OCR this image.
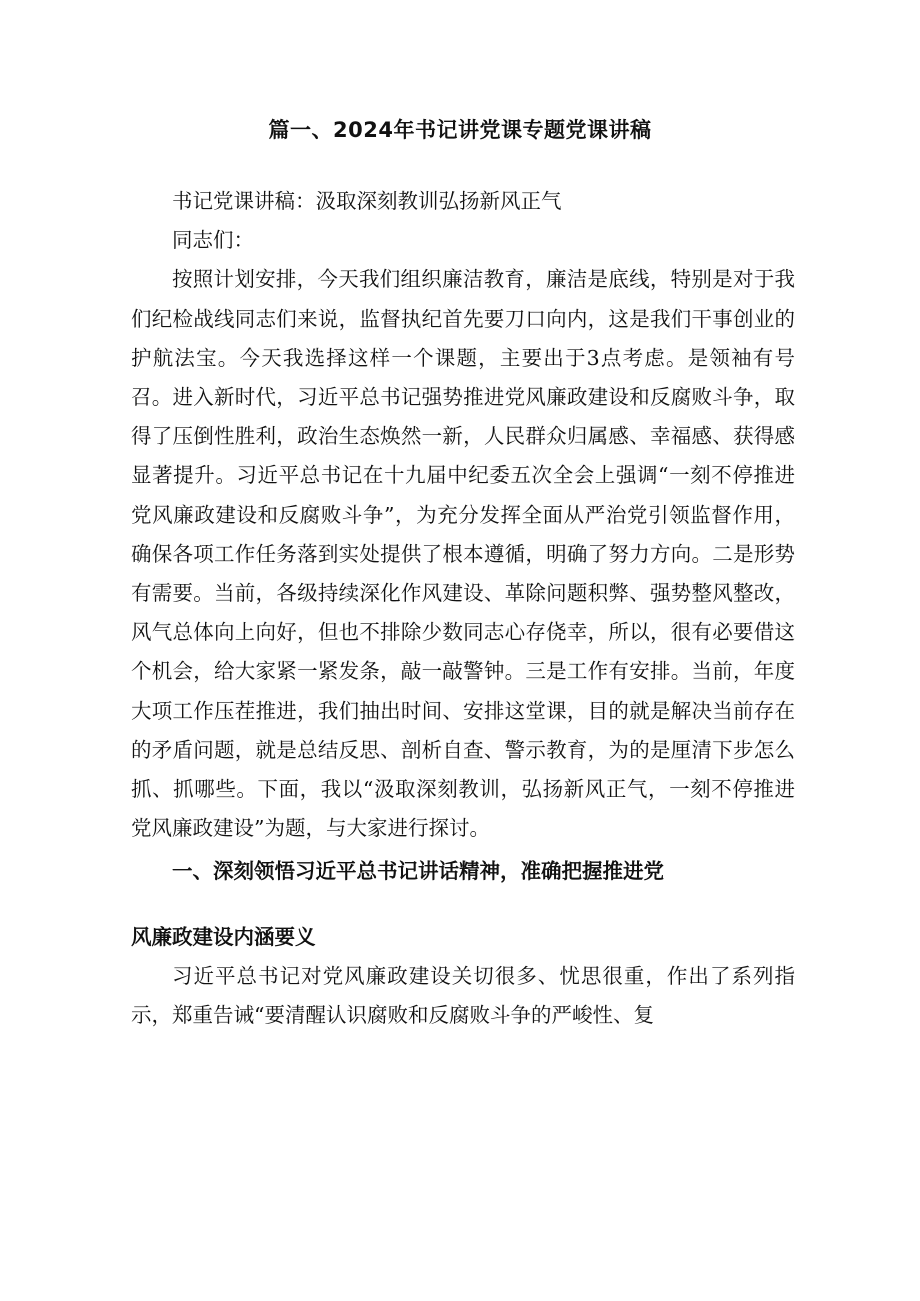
篇一、2024年书记讲党课专题党课讲稿

书记党课讲稿：汲取深刻教训弘扬新风正气

同志们：

按照计划安排，今天我们组织廉洁教育，廉洁是底线，特别是对于我们纪检战线同志们来说，监督执纪首先要刀口向内，这是我们干事创业的护航法宝。今天我选择这样一个课题，主要出于3点考虑。是领袖有号召。进入新时代，习近平总书记强势推进党风廉政建设和反腐败斗争，取得了压倒性胜利，政治生态焕然一新，人民群众归属感、幸福感、获得感显著提升。习近平总书记在十九届中纪委五次全会上强调“一刻不停推进党风廉政建设和反腐败斗争”，为充分发挥全面从严治党引领监督作用，确保各项工作任务落到实处提供了根本遵循，明确了努力方向。二是形势有需要。当前，各级持续深化作风建设、革除问题积弊、强势整风整改，风气总体向上向好，但也不排除少数同志心存侥幸，所以，很有必要借这个机会，给大家紧一紧发条，敲一敲警钟。三是工作有安排。当前，年度大项工作压茬推进，我们抽出时间、安排这堂课，目的就是解决当前存在的矛盾问题，就是总结反思、剖析自查、警示教育，为的是厘清下步怎么抓、抓哪些。下面，我以“汲取深刻教训，弘扬新风正气，一刻不停推进党风廉政建设”为题，与大家进行探讨。

一、深刻领悟习近平总书记讲话精神，准确把握推进党

风廉政建设内涵要义

习近平总书记对党风廉政建设关切很多、忧思很重，作出了系列指示，郑重告诫“要清醒认识腐败和反腐败斗争的严峻性、复
